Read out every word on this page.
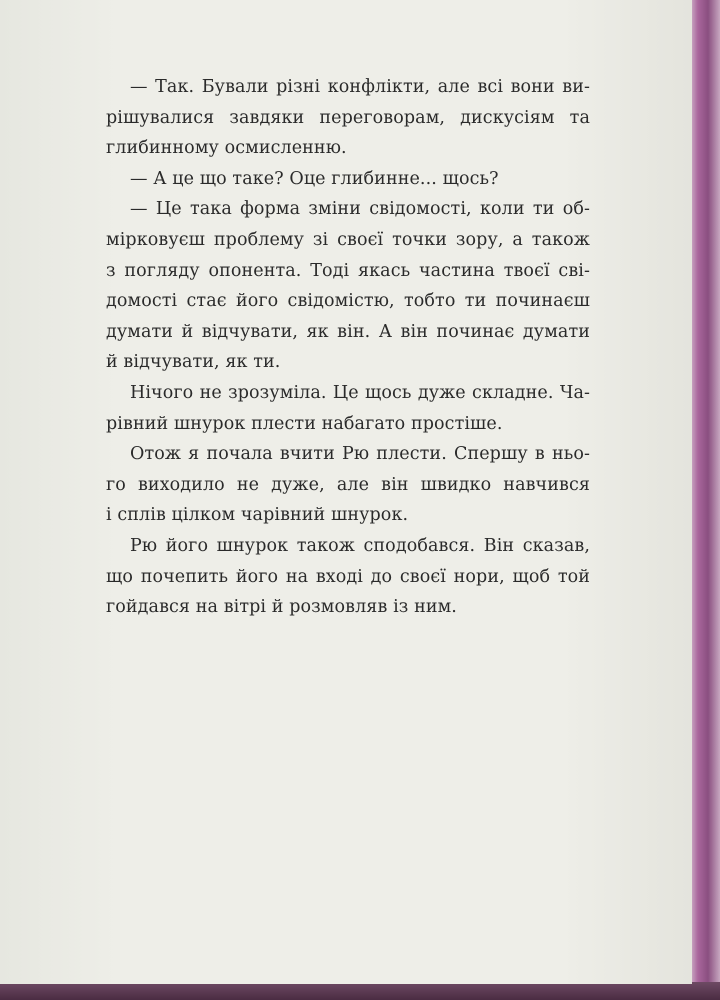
— Так. Бували різні конфлікти, але всі вони ви-
рішувалися завдяки переговорам, дискусіям та
глибинному осмисленню.

— А це що таке? Оце глибинне... щось?

— Це така форма зміни свідомості, коли ти об-
мірковуєш проблему зі своєї точки зору, а також
з погляду опонента. Тоді якась частина твоєї сві-
домості стає його свідомістю, тобто ти починаєш
думати й відчувати, як він. А він починає думати
й відчувати, як ти.

Нічого не зрозуміла. Це щось дуже складне. Ча-
рівний шнурок плести набагато простіше.

Отож я почала вчити Рю плести. Спершу в ньо-
го виходило не дуже, але він швидко навчився
і сплів цілком чарівний шнурок.

Рю його шнурок також сподобався. Він сказав,
що почепить його на вході до своєї нори, щоб той
гойдався на вітрі й розмовляв із ним.
